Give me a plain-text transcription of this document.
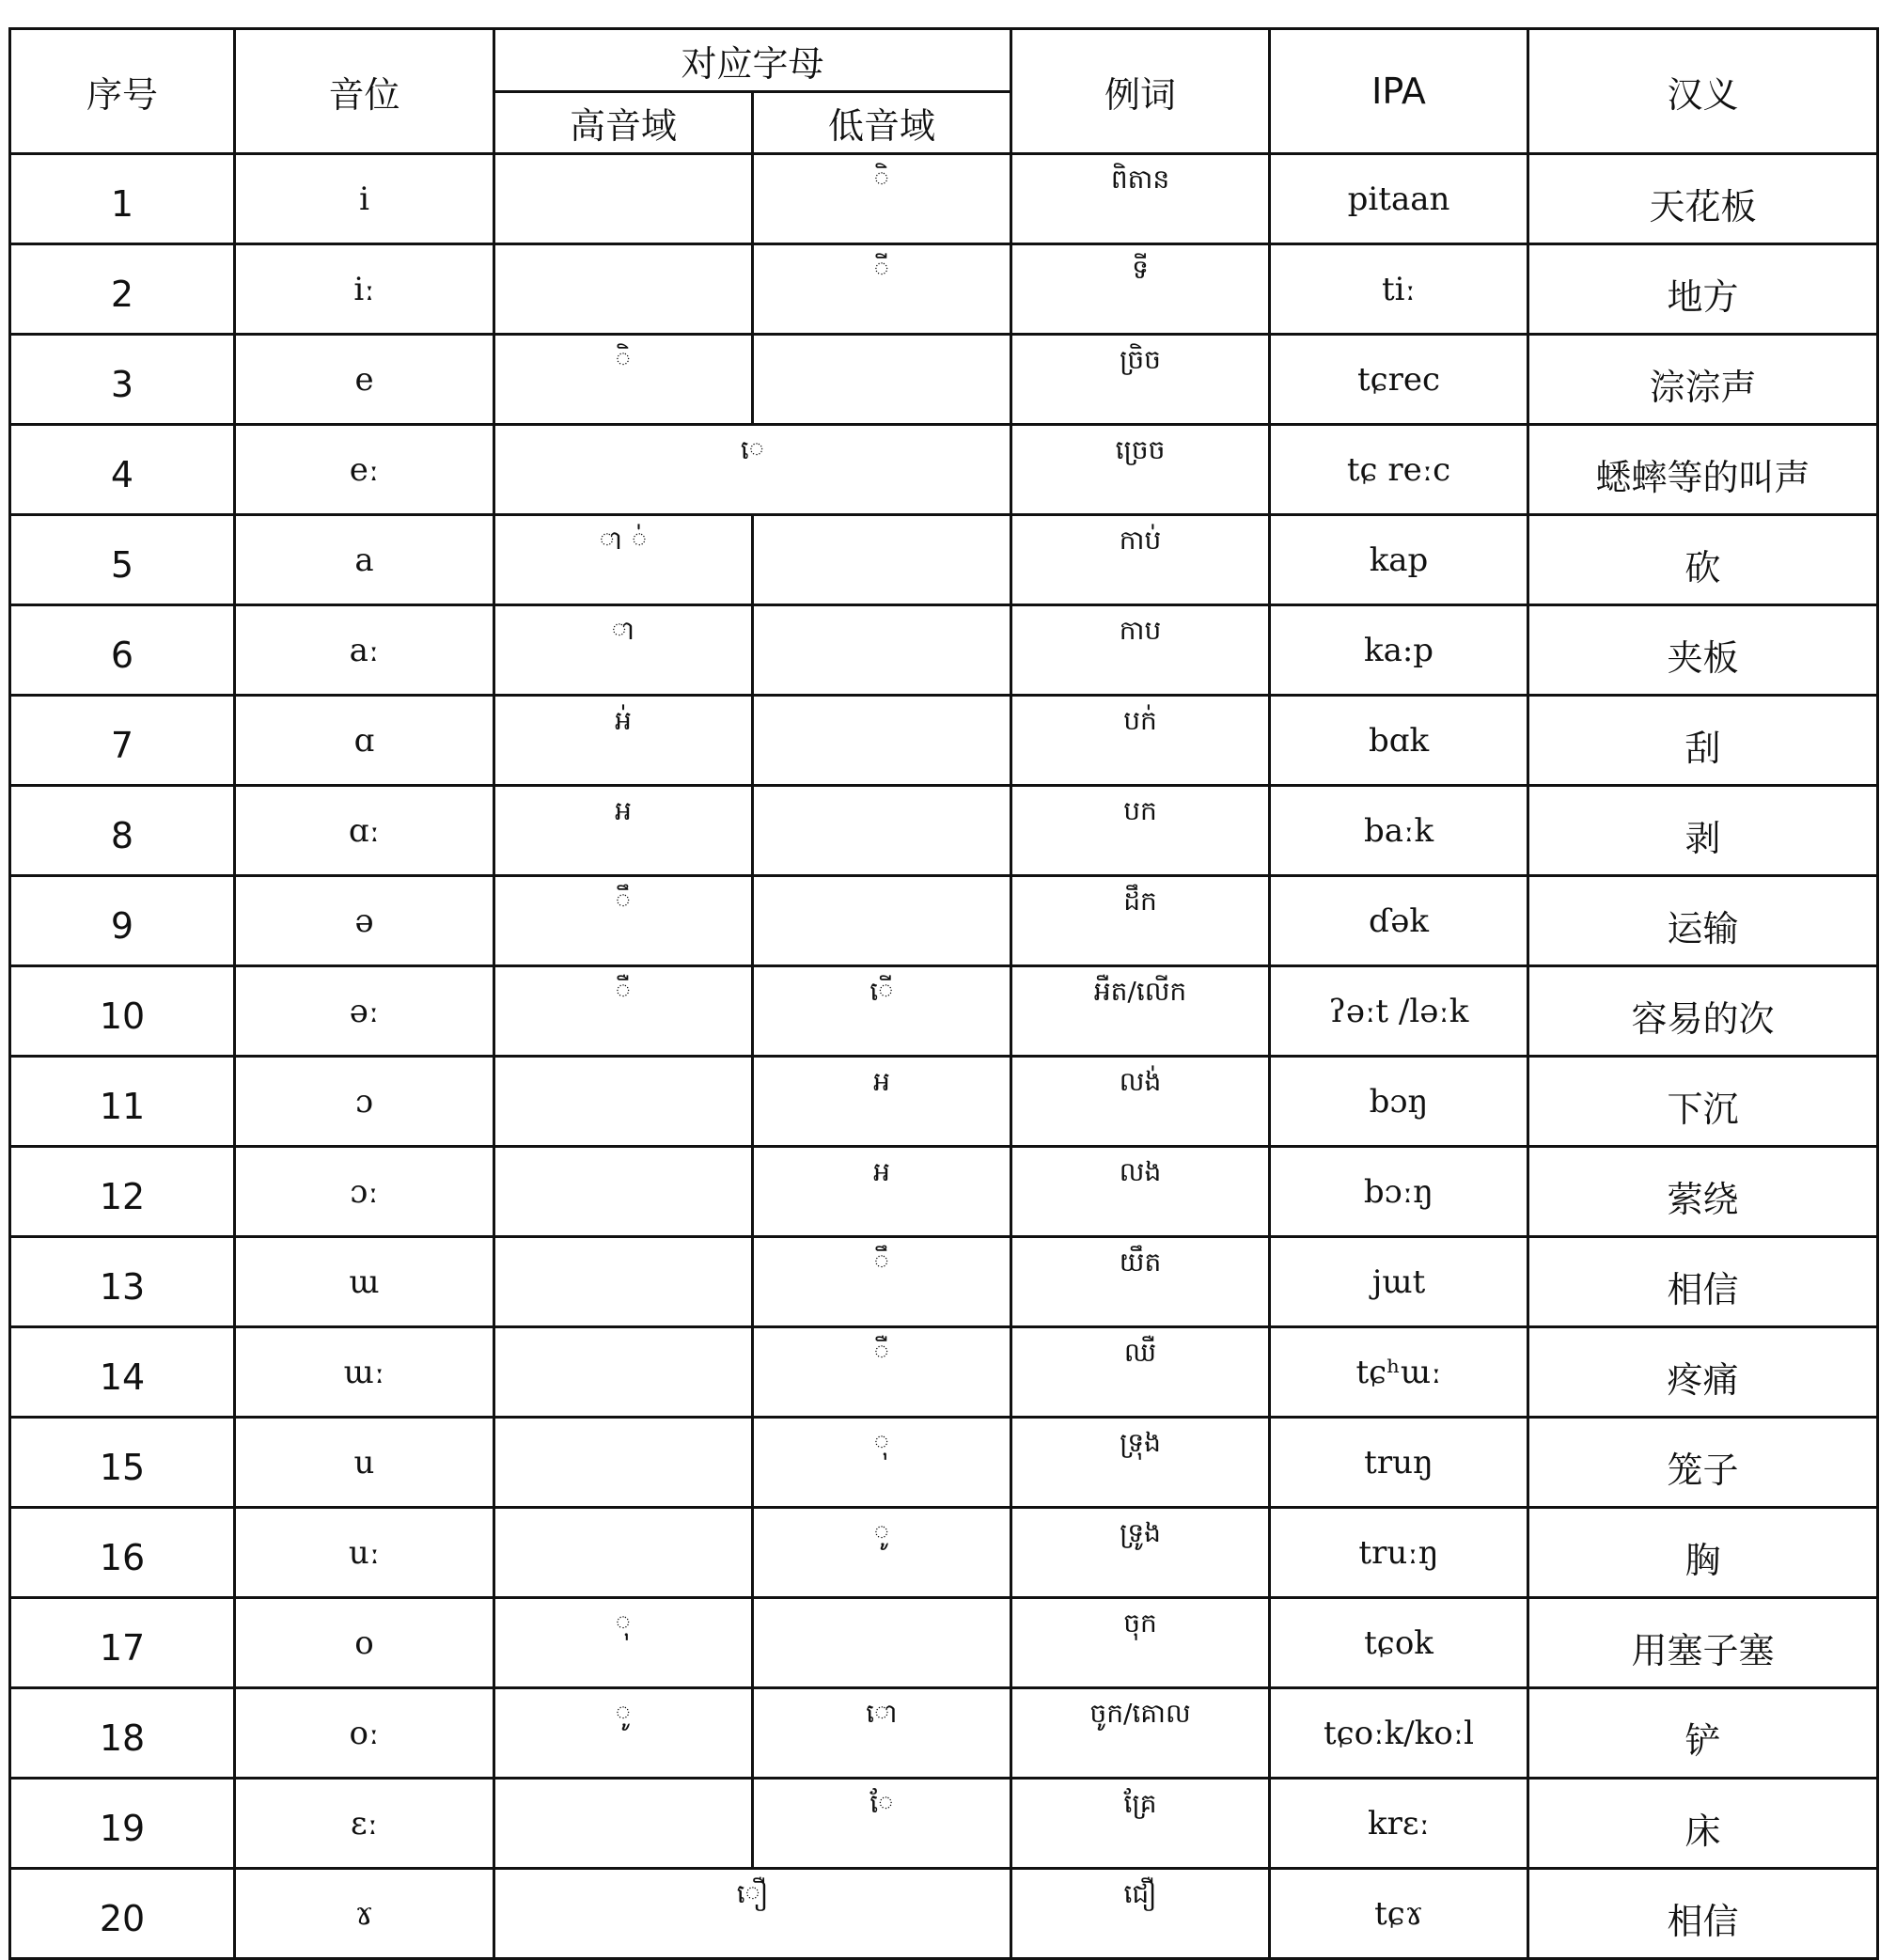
序号	音位	对应字母		例词	IPA	汉义
		高音域	低音域			
1	i		ិ	ពិតាន	pitaan	天花板
2	iː		ី	ទី	tiː	地方
3	e	ិ		ច្រិច	tɕrec	淙淙声
4	eː	េ		ច្រេច	tɕ reːc	蟋蟀等的叫声
5	a	ា ់		កាប់	kap	砍
6	aː	ា		កាប	ka:p	夹板
7	ɑ	អ់		បក់	bɑk	刮
8	ɑː	អ		បក	baːk	剥
9	ə	ឹ		ដឹក	ɗək	运输
10	əː	ឺ	ើ	អឺត/លើក	ʔəːt /ləːk	容易的次
11	ɔ		អ	លង់	bɔŋ	下沉
12	ɔː		អ	លង	bɔːŋ	萦绕
13	ɯ		ឹ	យឹត	jɯt	相信
14	ɯː		ឺ	ឈឺ	tɕʰɯː	疼痛
15	u		ុ	ទ្រុង	truŋ	笼子
16	uː		ូ	ទ្រូង	truːŋ	胸
17	o	ុ		ចុក	tɕok	用塞子塞
18	oː	ូ	ោ	ចូក/គោល	tɕoːk/koːl	铲
19	ɛː		ែ	គ្រែ	krɛː	床
20	ɤ	ឿ		ជឿ	tɕɤ	相信
